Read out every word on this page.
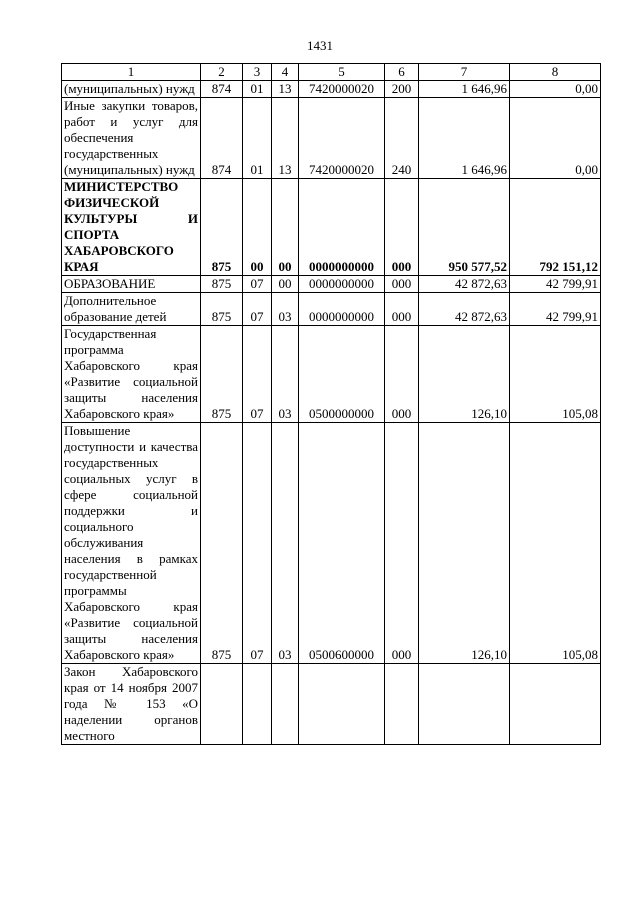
1431
1	2	3	4	5	6	7	8
(муниципальных) нужд	874	01	13	7420000020	200	1 646,96	0,00
Иные закупки товаров, работ и услуг для обеспечения государственных (муниципальных) нужд	874	01	13	7420000020	240	1 646,96	0,00
МИНИСТЕРСТВО ФИЗИЧЕСКОЙ КУЛЬТУРЫ И СПОРТА ХАБАРОВСКОГО КРАЯ	875	00	00	0000000000	000	950 577,52	792 151,12
ОБРАЗОВАНИЕ	875	07	00	0000000000	000	42 872,63	42 799,91
Дополнительное образование детей	875	07	03	0000000000	000	42 872,63	42 799,91
Государственная программа Хабаровского края «Развитие социальной защиты населения Хабаровского края»	875	07	03	0500000000	000	126,10	105,08
Повышение доступности и качества государственных социальных услуг в сфере социальной поддержки и социального обслуживания населения в рамках государственной программы Хабаровского края «Развитие социальной защиты населения Хабаровского края»	875	07	03	0500600000	000	126,10	105,08
Закон Хабаровского края от 14 ноября 2007 года № 153 «О наделении органов местного							
